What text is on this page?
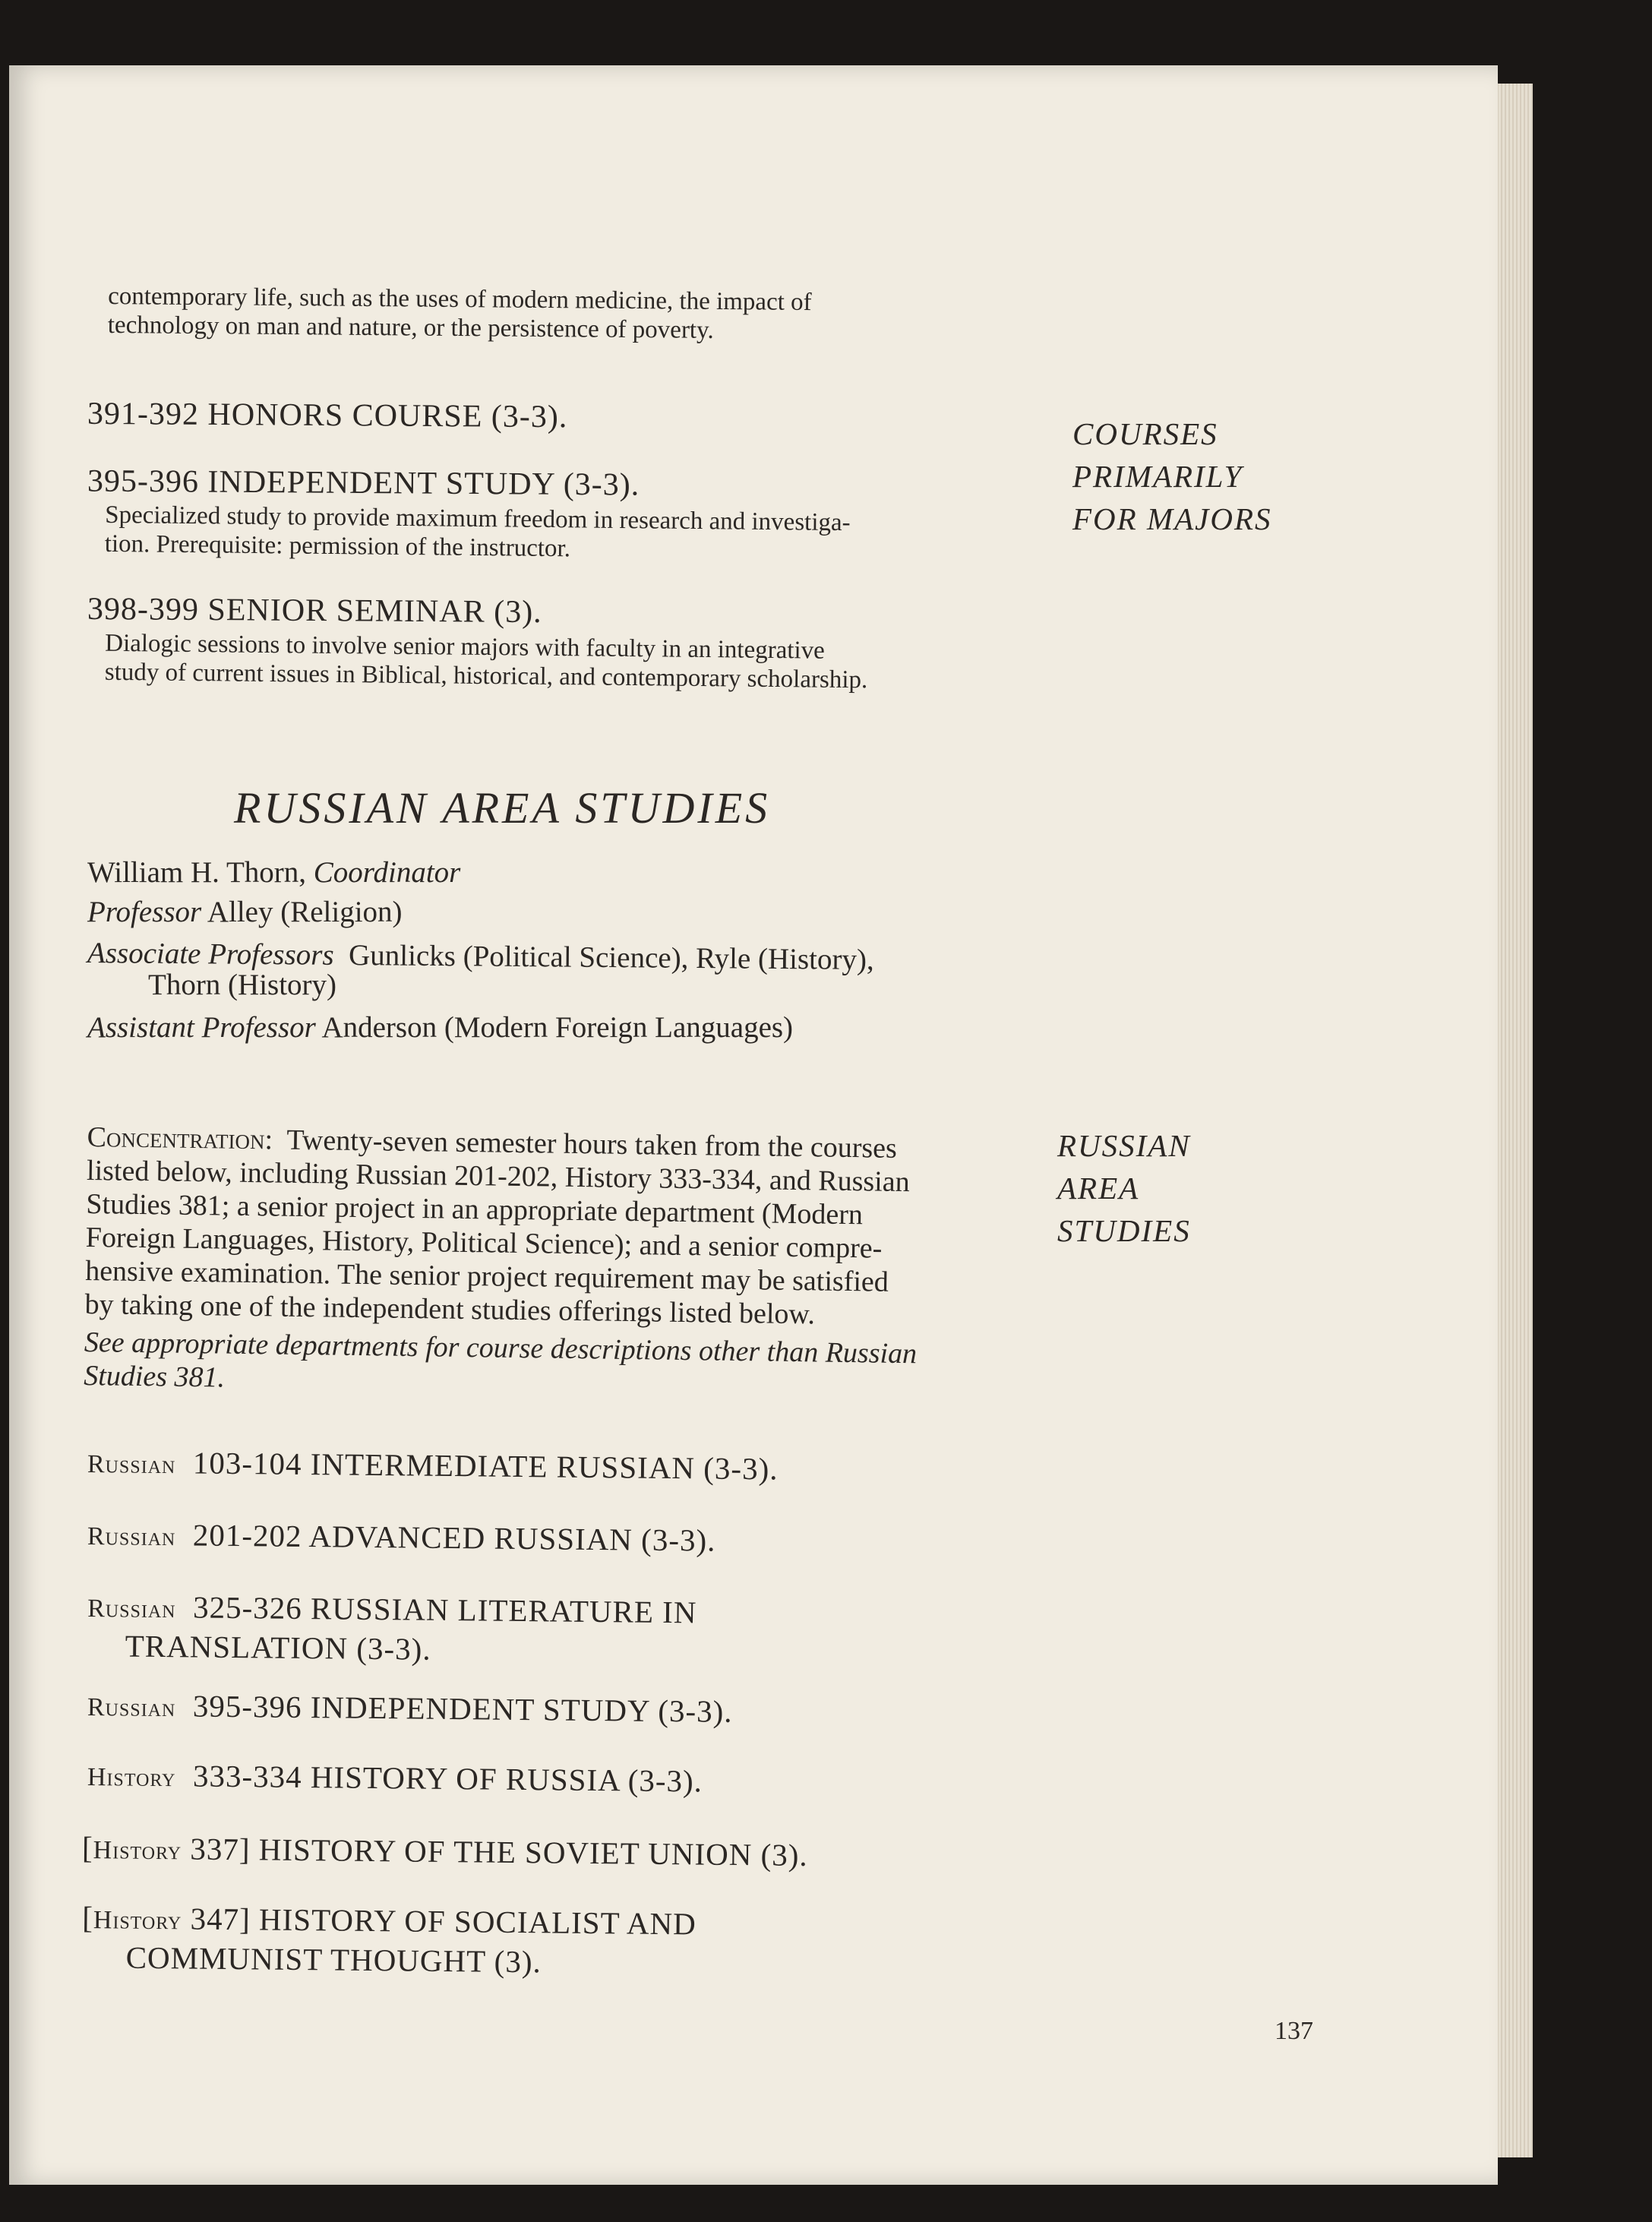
contemporary life, such as the uses of modern medicine, the impact of
technology on man and nature, or the persistence of poverty.
391-392 HONORS COURSE (3-3).
395-396 INDEPENDENT STUDY (3-3).
Specialized study to provide maximum freedom in research and investiga-
tion. Prerequisite: permission of the instructor.
398-399 SENIOR SEMINAR (3).
Dialogic sessions to involve senior majors with faculty in an integrative
study of current issues in Biblical, historical, and contemporary scholarship.
COURSES
PRIMARILY
FOR MAJORS
RUSSIAN AREA STUDIES
William H. Thorn, Coordinator
Professor Alley (Religion)
Associate Professors Gunlicks (Political Science), Ryle (History),
Thorn (History)
Assistant Professor Anderson (Modern Foreign Languages)
Concentration: Twenty-seven semester hours taken from the courses
listed below, including Russian 201-202, History 333-334, and Russian
Studies 381; a senior project in an appropriate department (Modern
Foreign Languages, History, Political Science); and a senior compre-
hensive examination. The senior project requirement may be satisfied
by taking one of the independent studies offerings listed below.
See appropriate departments for course descriptions other than Russian
Studies 381.
RUSSIAN
AREA
STUDIES
Russian 103-104 INTERMEDIATE RUSSIAN (3-3).
Russian 201-202 ADVANCED RUSSIAN (3-3).
Russian 325-326 RUSSIAN LITERATURE IN
TRANSLATION (3-3).
Russian 395-396 INDEPENDENT STUDY (3-3).
History 333-334 HISTORY OF RUSSIA (3-3).
[History 337] HISTORY OF THE SOVIET UNION (3).
[History 347] HISTORY OF SOCIALIST AND
COMMUNIST THOUGHT (3).
137
